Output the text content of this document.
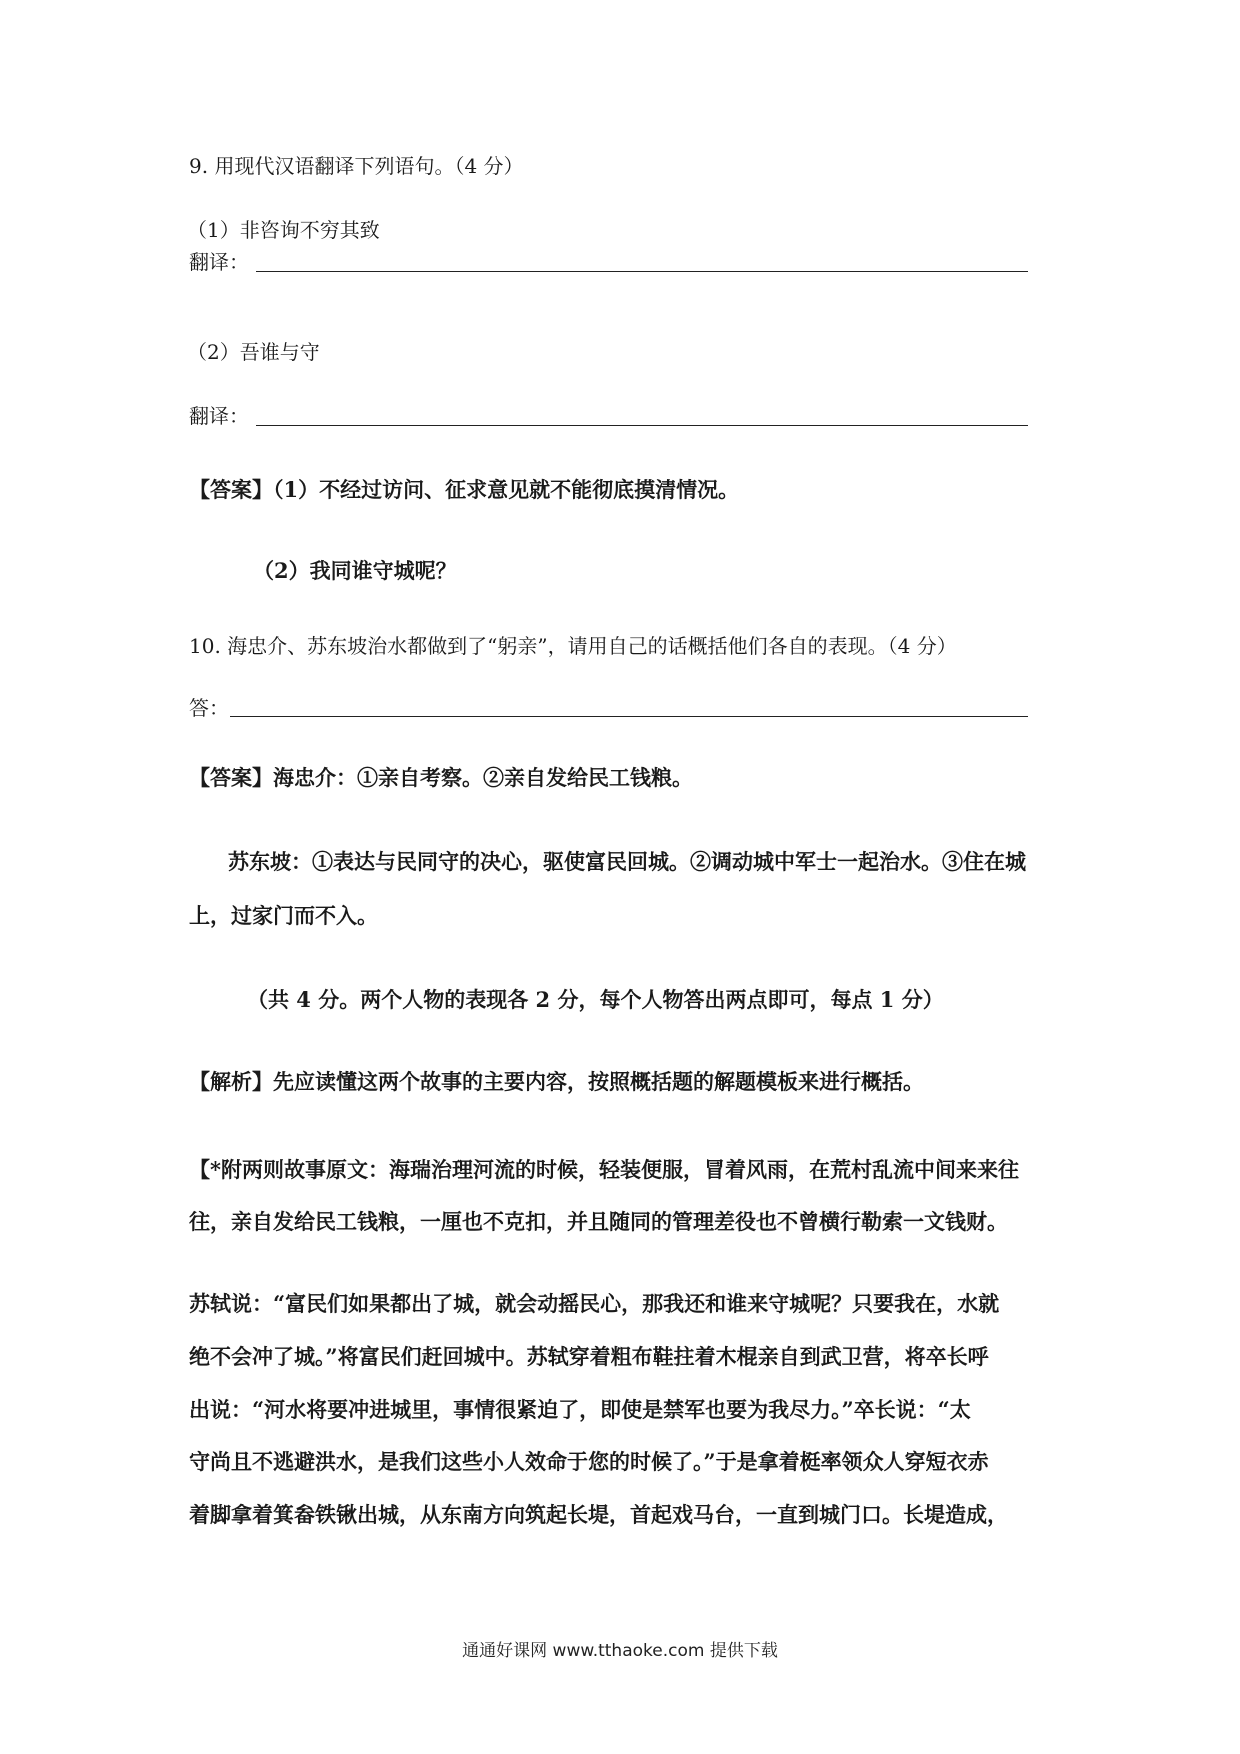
9. 用现代汉语翻译下列语句。（4 分）
（1）非咨询不穷其致
翻译：
（2）吾谁与守
翻译：
【答案】（1）不经过访问、征求意见就不能彻底摸清情况。
（2）我同谁守城呢？
10. 海忠介、苏东坡治水都做到了“躬亲”，请用自己的话概括他们各自的表现。（4 分）
答：
【答案】海忠介：①亲自考察。②亲自发给民工钱粮。
苏东坡：①表达与民同守的决心，驱使富民回城。②调动城中军士一起治水。③住在城
上，过家门而不入。
（共 4 分。两个人物的表现各 2 分，每个人物答出两点即可，每点 1 分）
【解析】先应读懂这两个故事的主要内容，按照概括题的解题模板来进行概括。
【*附两则故事原文：海瑞治理河流的时候，轻装便服，冒着风雨，在荒村乱流中间来来往
往，亲自发给民工钱粮，一厘也不克扣，并且随同的管理差役也不曾横行勒索一文钱财。
苏轼说：“富民们如果都出了城，就会动摇民心，那我还和谁来守城呢？只要我在，水就
绝不会冲了城。”将富民们赶回城中。苏轼穿着粗布鞋拄着木棍亲自到武卫营，将卒长呼
出说：“河水将要冲进城里，事情很紧迫了，即使是禁军也要为我尽力。”卒长说：“太
守尚且不逃避洪水，是我们这些小人效命于您的时候了。”于是拿着梃率领众人穿短衣赤
着脚拿着箕畚铁锹出城，从东南方向筑起长堤，首起戏马台，一直到城门口。长堤造成，
通通好课网 www.tthaoke.com 提供下载
